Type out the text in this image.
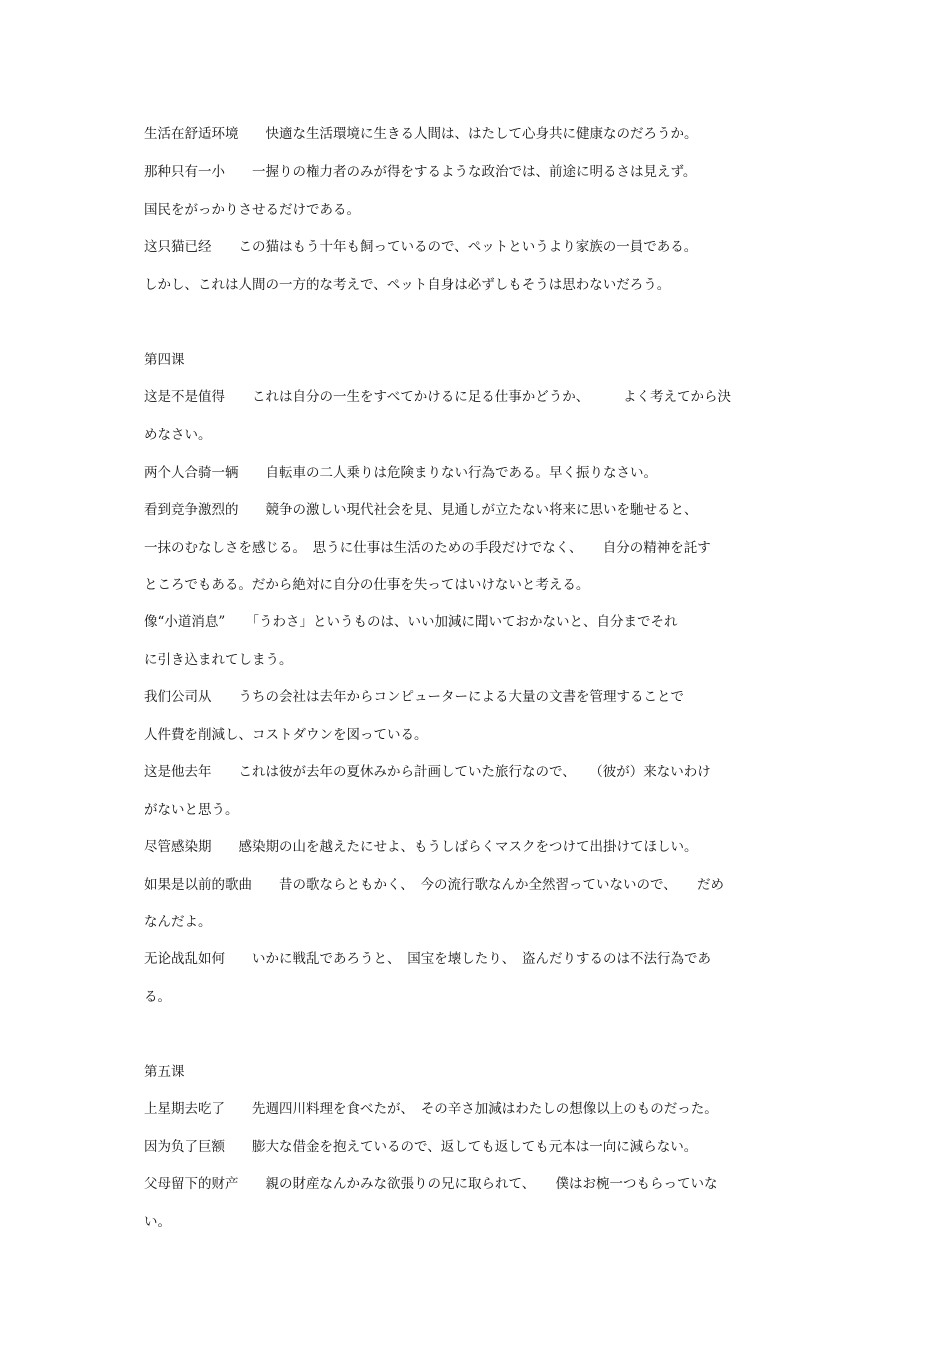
生活在舒适环境　　快適な生活環境に生きる人間は、はたして心身共に健康なのだろうか。
那种只有一小　　一握りの権力者のみが得をするような政治では、前途に明るさは見えず。
国民をがっかりさせるだけである。
这只猫已经　　この猫はもう十年も飼っているので、ペットというより家族の一員である。
しかし、これは人間の一方的な考えで、ペット自身は必ずしもそうは思わないだろう。
第四课
这是不是值得　　これは自分の一生をすべてかけるに足る仕事かどうか、　　　よく考えてから決
めなさい。
两个人合骑一辆　　自転車の二人乗りは危険まりない行為である。早く振りなさい。
看到竞争激烈的　　競争の激しい現代社会を見、見通しが立たない将来に思いを馳せると、
一抹のむなしさを感じる。　思うに仕事は生活のための手段だけでなく、　　自分の精神を託す
ところでもある。だから絶対に自分の仕事を失ってはいけないと考える。
像“小道消息”　　「うわさ」というものは、いい加減に聞いておかないと、自分までそれ
に引き込まれてしまう。
我们公司从　　うちの会社は去年からコンピューターによる大量の文書を管理することで
人件費を削減し、コストダウンを図っている。
这是他去年　　これは彼が去年の夏休みから計画していた旅行なので、　　（彼が）来ないわけ
がないと思う。
尽管感染期　　感染期の山を越えたにせよ、もうしばらくマスクをつけて出掛けてほしい。
如果是以前的歌曲　　昔の歌ならともかく、　今の流行歌なんか全然習っていないので、　　だめ
なんだよ。
无论战乱如何　　いかに戦乱であろうと、　国宝を壊したり、　盗んだりするのは不法行為であ
る。
第五课
上星期去吃了　　先週四川料理を食べたが、　その辛さ加減はわたしの想像以上のものだった。
因为负了巨额　　膨大な借金を抱えているので、返しても返しても元本は一向に減らない。
父母留下的财产　　親の財産なんかみな欲張りの兄に取られて、　　僕はお椀一つもらっていな
い。
